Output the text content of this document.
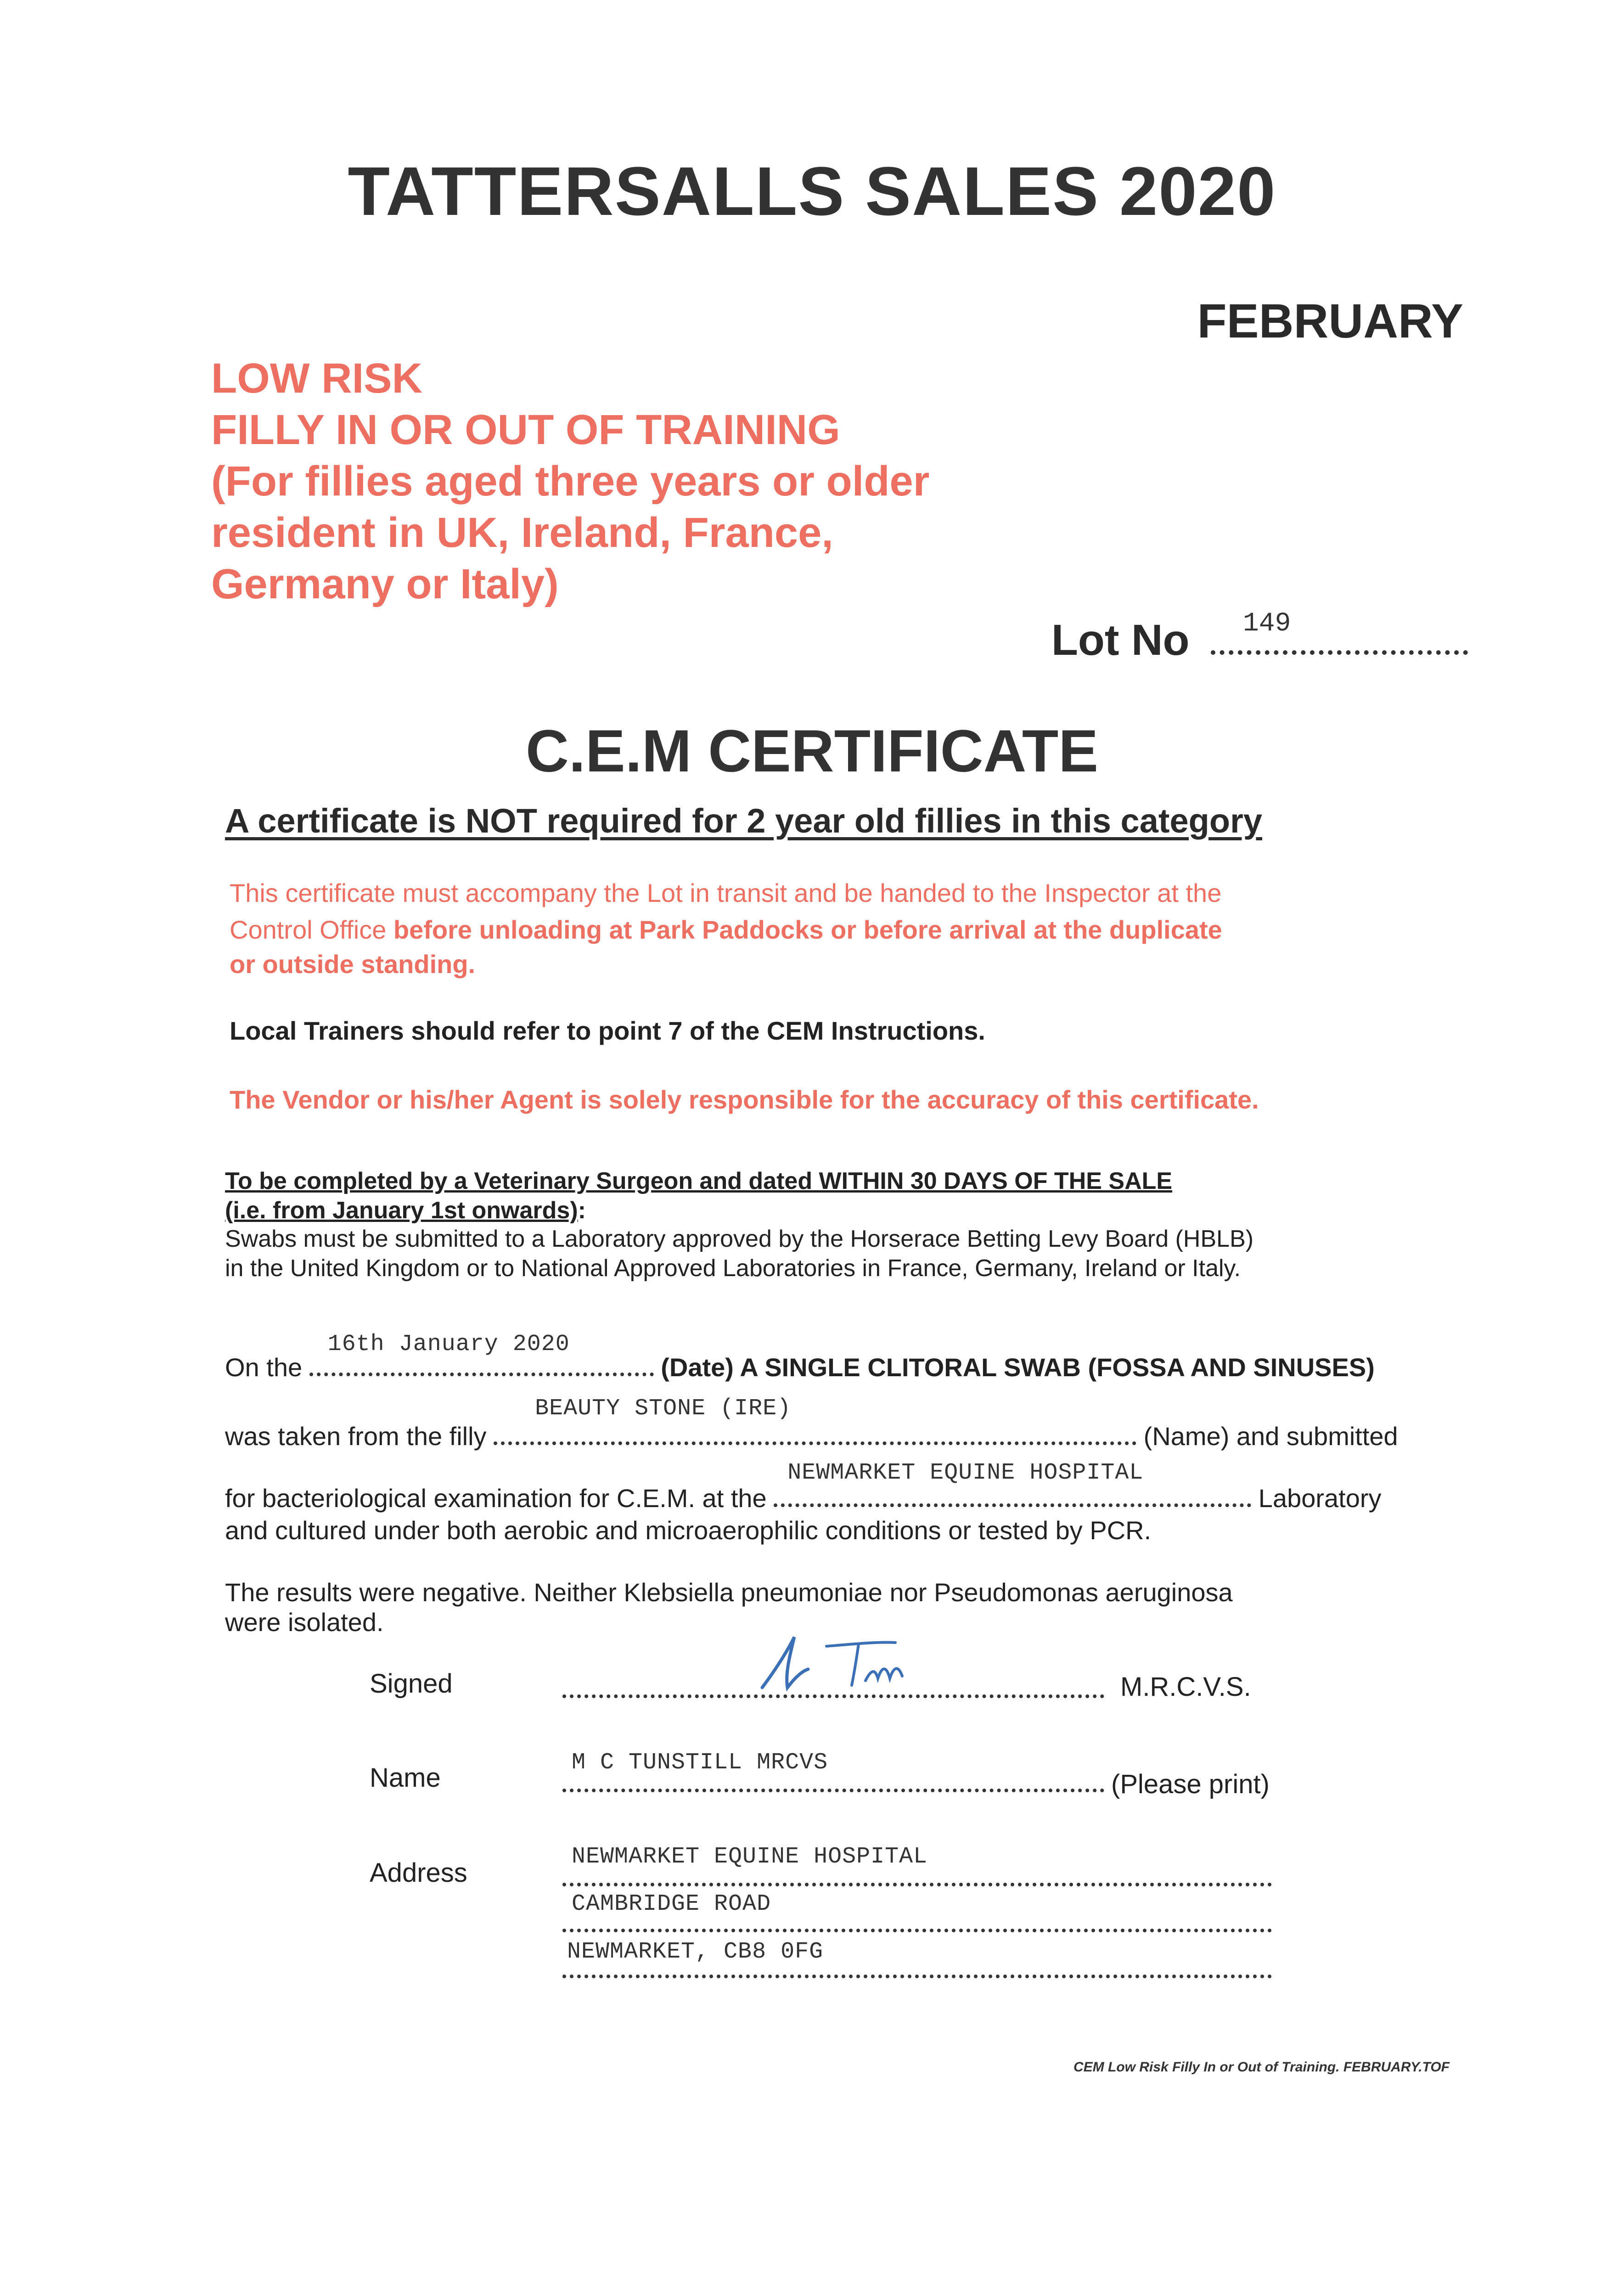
TATTERSALLS SALES 2020
FEBRUARY
LOW RISK
FILLY IN OR OUT OF TRAINING
(For fillies aged three years or older
resident in UK, Ireland, France,
Germany or Italy)
Lot No 149
C.E.M CERTIFICATE
A certificate is NOT required for 2 year old fillies in this category
This certificate must accompany the Lot in transit and be handed to the Inspector at the
Control Office before unloading at Park Paddocks or before arrival at the duplicate
or outside standing.
Local Trainers should refer to point 7 of the CEM Instructions.
The Vendor or his/her Agent is solely responsible for the accuracy of this certificate.
To be completed by a Veterinary Surgeon and dated WITHIN 30 DAYS OF THE SALE
(i.e. from January 1st onwards):
Swabs must be submitted to a Laboratory approved by the Horserace Betting Levy Board (HBLB)
in the United Kingdom or to National Approved Laboratories in France, Germany, Ireland or Italy.
On the
16th January 2020
(Date) A SINGLE CLITORAL SWAB (FOSSA AND SINUSES)
was taken from the filly
BEAUTY STONE (IRE)
(Name) and submitted
for bacteriological examination for C.E.M. at the
NEWMARKET EQUINE HOSPITAL
Laboratory
and cultured under both aerobic and microaerophilic conditions or tested by PCR.
The results were negative. Neither Klebsiella pneumoniae nor Pseudomonas aeruginosa
were isolated.
Signed	M.R.C.V.S.
Name
M C TUNSTILL MRCVS
(Please print)
Address
NEWMARKET EQUINE HOSPITAL
CAMBRIDGE ROAD
NEWMARKET, CB8 0FG
CEM Low Risk Filly In or Out of Training. FEBRUARY.TOF
